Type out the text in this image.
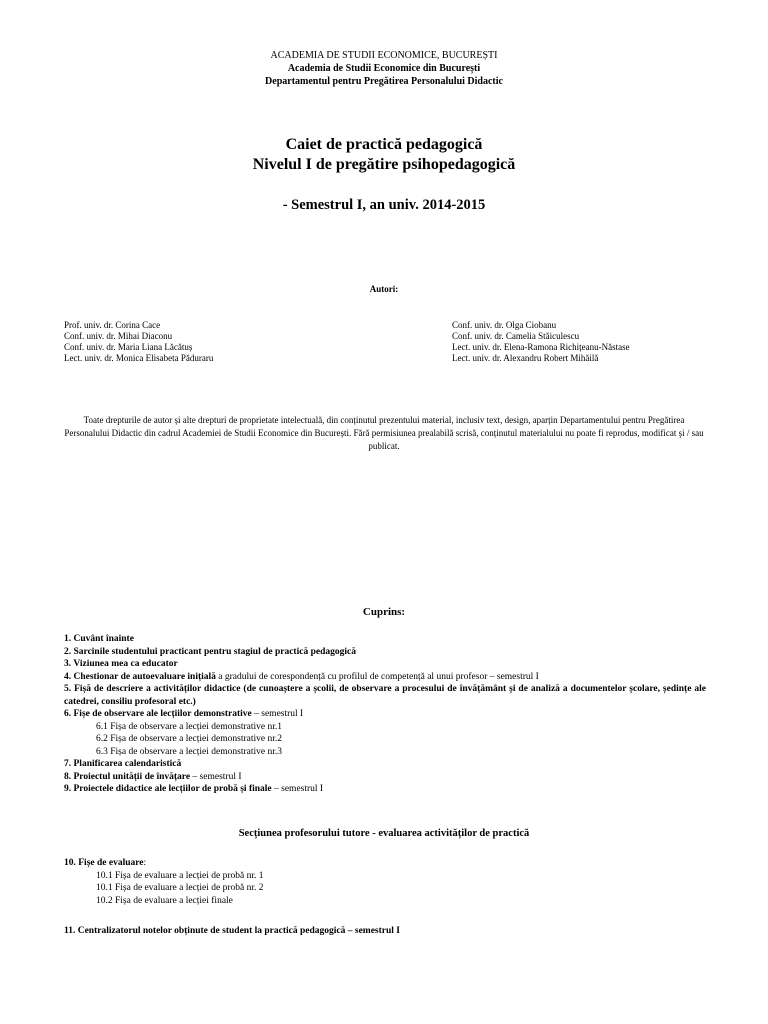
ACADEMIA DE STUDII ECONOMICE, BUCUREȘTI
Academia de Studii Economice din București
Departamentul pentru Pregătirea Personalului Didactic
Caiet de practică pedagogică
Nivelul I de pregătire psihopedagogică
- Semestrul I, an univ. 2014-2015
Autori:
Prof. univ. dr. Corina Cace
Conf. univ. dr. Mihai Diaconu
Conf. univ. dr. Maria Liana Lăcătuș
Lect. univ. dr. Monica Elisabeta Păduraru
Conf. univ. dr. Olga Ciobanu
Conf. univ. dr. Camelia Stăiculescu
Lect. univ. dr. Elena-Ramona Richițeanu-Năstase
Lect. univ. dr. Alexandru Robert Mihăilă
Toate drepturile de autor și alte drepturi de proprietate intelectuală, din conținutul prezentului material, inclusiv text, design, aparțin Departamentului pentru Pregătirea Personalului Didactic din cadrul Academiei de Studii Economice din București. Fără permisiunea prealabilă scrisă, conținutul materialului nu poate fi reprodus, modificat și / sau publicat.
Cuprins:
1. Cuvânt înainte
2. Sarcinile studentului practicant pentru stagiul de practică pedagogică
3. Viziunea mea ca educator
4. Chestionar de autoevaluare inițială a gradului de corespondență cu profilul de competență al unui profesor – semestrul I
5. Fișă de descriere a activităților didactice (de cunoaștere a școlii, de observare a procesului de învățământ și de analiză a documentelor școlare, ședințe ale catedrei, consiliu profesoral etc.)
6. Fișe de observare ale lecțiilor demonstrative – semestrul I
6.1 Fișa de observare a lecției demonstrative nr.1
6.2 Fișa de observare a lecției demonstrative nr.2
6.3 Fișa de observare a lecției demonstrative nr.3
7. Planificarea calendaristică
8. Proiectul unității de învățare – semestrul I
9. Proiectele didactice ale lecțiilor de probă și finale – semestrul I
Secțiunea profesorului tutore - evaluarea activităților de practică
10. Fișe de evaluare:
10.1 Fișa de evaluare a lecției de probă nr. 1
10.1 Fișa de evaluare a lecției de probă nr. 2
10.2 Fișa de evaluare a lecției finale
11. Centralizatorul notelor obținute de student la practică pedagogică – semestrul I
